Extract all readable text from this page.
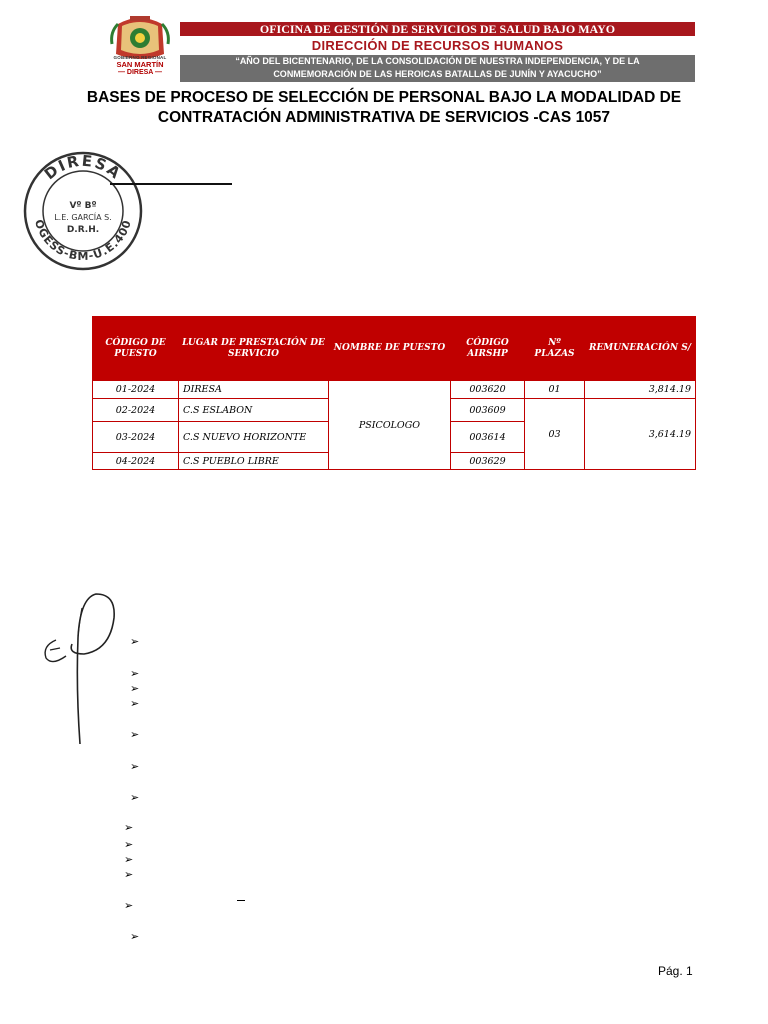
GOBIERNO REGIONAL
SAN MARTÍN
— DIRESA —
OFICINA DE GESTIÓN DE SERVICIOS DE SALUD BAJO MAYO
DIRECCIÓN DE RECURSOS HUMANOS
“AÑO DEL BICENTENARIO, DE LA CONSOLIDACIÓN DE NUESTRA INDEPENDENCIA, Y DE LA
CONMEMORACIÓN DE LAS HEROICAS BATALLAS DE JUNÍN Y AYACUCHO”
BASES DE PROCESO DE SELECCIÓN DE PERSONAL BAJO LA MODALIDAD DE
CONTRATACIÓN ADMINISTRATIVA DE SERVICIOS -CAS 1057
DIRESA
OGESS-BM-U.E.400
Vº Bº
L.E. GARCÍA S.
D.R.H.
CÓDIGO DE PUESTO	LUGAR DE PRESTACIÓN DE SERVICIO	NOMBRE DE PUESTO	CÓDIGO AIRSHP	Nº PLAZAS	REMUNERACIÓN S/
01-2024	DIRESA	PSICOLOGO	003620	01	3,814.19
02-2024	C.S ESLABON		003609	03	3,614.19
03-2024	C.S NUEVO HORIZONTE		003614		
04-2024	C.S PUEBLO LIBRE		003629		
➢
➢
➢
➢
➢
➢
➢
➢
➢
➢
➢
➢
➢
Pág. 1
